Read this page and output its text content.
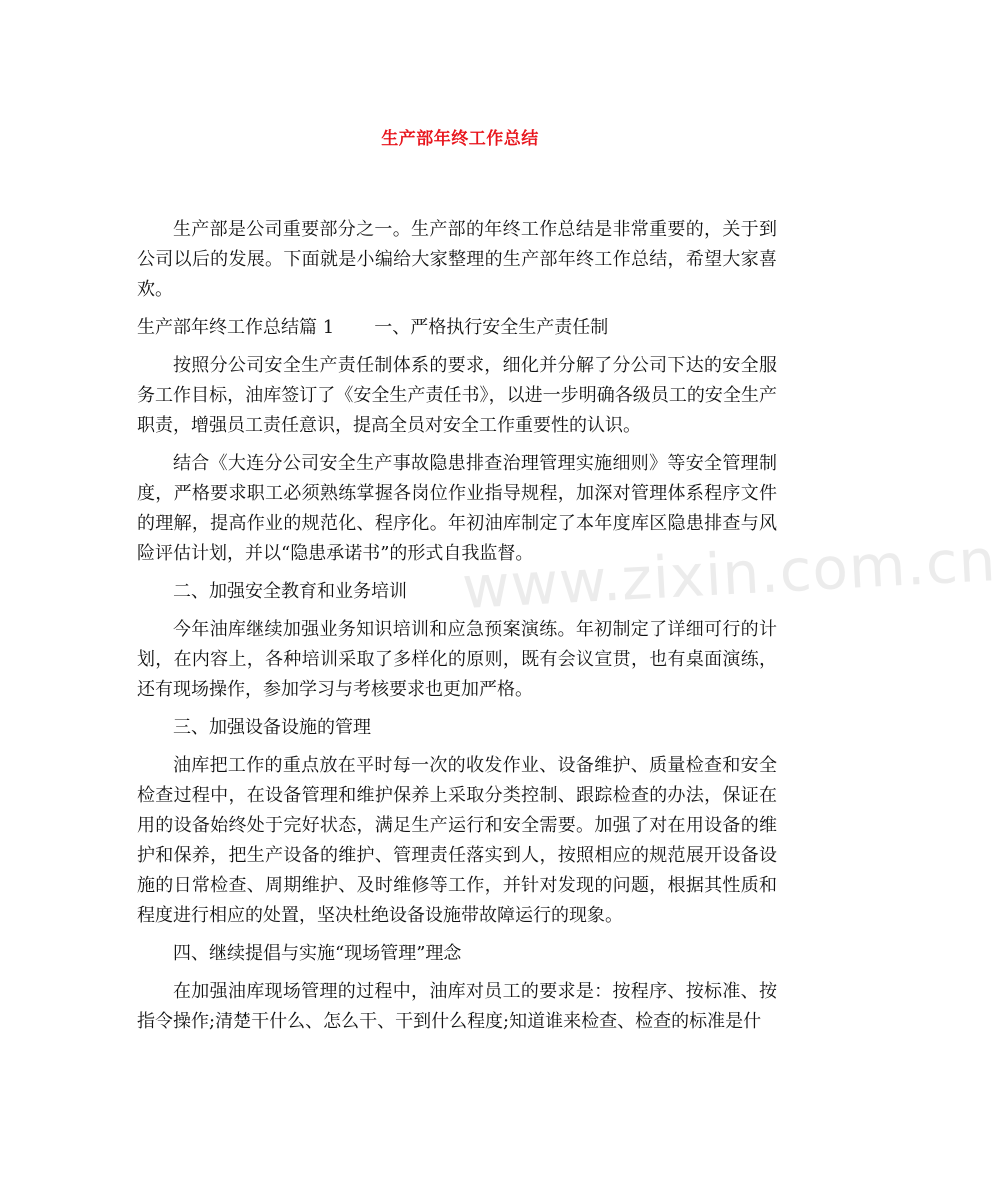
www.zixin.com.cn
生产部年终工作总结

生产部是公司重要部分之一。生产部的年终工作总结是非常重要的，关于到公司以后的发展。下面就是小编给大家整理的生产部年终工作总结，希望大家喜欢。

生产部年终工作总结篇 1 一、严格执行安全生产责任制

按照分公司安全生产责任制体系的要求，细化并分解了分公司下达的安全服务工作目标，油库签订了《安全生产责任书》，以进一步明确各级员工的安全生产职责，增强员工责任意识，提高全员对安全工作重要性的认识。

结合《大连分公司安全生产事故隐患排查治理管理实施细则》等安全管理制度，严格要求职工必须熟练掌握各岗位作业指导规程，加深对管理体系程序文件的理解，提高作业的规范化、程序化。年初油库制定了本年度库区隐患排查与风险评估计划，并以“隐患承诺书”的形式自我监督。

二、加强安全教育和业务培训

今年油库继续加强业务知识培训和应急预案演练。年初制定了详细可行的计划，在内容上，各种培训采取了多样化的原则，既有会议宣贯，也有桌面演练，还有现场操作，参加学习与考核要求也更加严格。

三、加强设备设施的管理

油库把工作的重点放在平时每一次的收发作业、设备维护、质量检查和安全检查过程中，在设备管理和维护保养上采取分类控制、跟踪检查的办法，保证在用的设备始终处于完好状态，满足生产运行和安全需要。加强了对在用设备的维护和保养，把生产设备的维护、管理责任落实到人，按照相应的规范展开设备设施的日常检查、周期维护、及时维修等工作，并针对发现的问题，根据其性质和程度进行相应的处置，坚决杜绝设备设施带故障运行的现象。

四、继续提倡与实施“现场管理”理念

在加强油库现场管理的过程中，油库对员工的要求是：按程序、按标准、按指令操作;清楚干什么、怎么干、干到什么程度;知道谁来检查、检查的标准是什
